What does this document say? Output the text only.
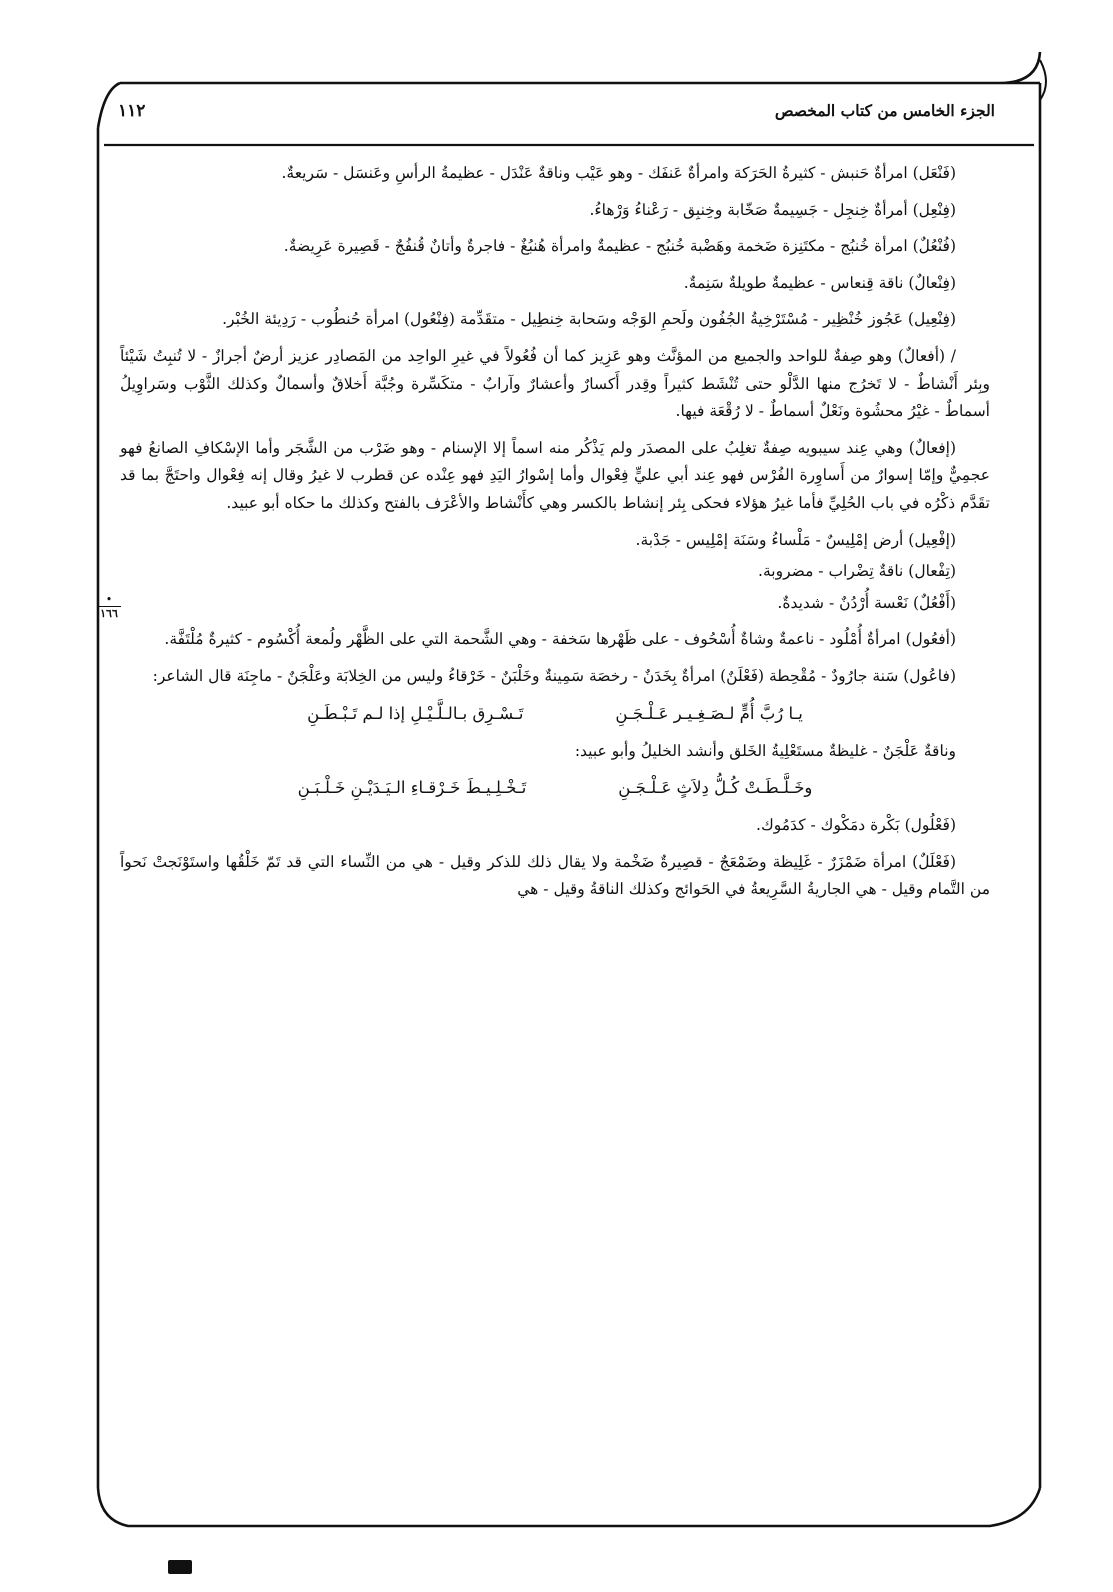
الجزء الخامس من كتاب المخصص
١١٢
•
١٦٦

(فَنْعَل) امرأةٌ حَنبش - كثيرةُ الحَرَكة وامرأةٌ عَنفَك - وهو عَيْب وناقةٌ عَنْدَل - عظيمةُ الرأسِ وعَنسَل - سَريعةٌ.

(فِنْعِل) أمرأةٌ خِنجِل - جَسِيمةٌ صَخّابة وخِنبِق - رَعْناءُ وَرْهاءُ.

(فُنْعُلٌ) امرأة خُنبُج - مكتَنِزة ضَخمة وهَضْبة خُنبُج - عظيمةٌ وامرأة هُنبُغٌ - فاجرةٌ وأتانٌ قُنفُجٌ - قَصِيرة عَرِيضةٌ.

(فِنْعالٌ) ناقة قِنعاس - عظيمةٌ طويلةٌ سَنِمةٌ.

(فِنْعِيل) عَجُوز خُنْظِير - مُسْتَرْخِيةُ الجُفُون ولَحمِ الوَجْه وسَحابة خِنطِيل - متقَدِّمة (فِنْعُول) امرأة حُنطُوب - رَدِيئة الخُبْر.

/ (أفعالٌ) وهو صِفةٌ للواحد والجميع من المؤنَّث وهو عَزِيز كما أن فُعُولاً في غيرِ الواحِد من المَصادِر عزيز أرضٌ أجرازٌ - لا تُنبِتُ شَيْئاً وبِئر أَنْشاطٌ - لا تَخرُج منها الدَّلْو حتى تُنْشَط كثيراً وقِدر أَكسارٌ وأعشارٌ وآرابٌ - متكَسِّرة وجُبَّة أَخلاقٌ وأسمالٌ وكذلك الثَّوْب وسَراوِيلُ أسماطٌ - غيْرُ محشُوة ونَعْلٌ أسماطٌ - لا رُقْعَة فيها.

(إفعالٌ) وهي عِند سيبويه صِفةٌ تغلِبُ على المصدَر ولم يَذْكُر منه اسماً إلا الإسنام - وهو ضَرْب من الشَّجَر وأما الإسْكافِ الصانعُ فهو عجمِيٌّ وإمّا إسوارٌ من أَساوِرة الفُرْس فهو عِند أبي عليٍّ فِعْوال وأما إسْوارُ اليَدِ فهو عِنْده عن قطرب لا غيرُ وقال إنه فِعْوال واحتَجَّ بما قد تقَدَّم ذكْرُه في باب الحُلِيِّ فأما غيرُ هؤلاء فحكى بِئر إنشاط بالكسر وهي كأَنْشاط والأعْرَف بالفتح وكذلك ما حكاه أبو عبيد.

(إفْعِيل) أرض إمْلِيسٌ - مَلْساءُ وسَنَة إمْلِيس - جَدْبة.

(تِفْعال) ناقةٌ تِضْراب - مضروبة.

(أَفْعُلٌ) نَعْسة أُرْدُنٌ - شديدةٌ.

(أفعُول) امرأةٌ أُمْلُود - ناعمةٌ وشاةٌ أُسْحُوف - على ظَهْرها سَخفة - وهي الشَّحمة التي على الظَّهْر ولُمعة أُكْسُوم - كثيرةٌ مُلْتَفَّة.

(فاعُول) سَنة جارُودٌ - مُقْحِطة (فَعْلَنٌ) امرأةٌ بِخَدَنٌ - رخصَة سَمِينةٌ وخَلْبَنٌ - خَرْقاءُ وليس من الخِلابَة وعَلْجَنٌ - ماجِنَة قال الشاعر:

يـا رُبَّ أُمٍّ لـصَـغِـيـر عَـلْـجَـنِ
تَـسْـرِق بـالـلَّـيْـلِ إذا لـم تَـبْـطَـنِ

وناقةٌ عَلْجَنٌ - غليظةٌ مستَعْلِيةُ الخَلق وأنشد الخليلُ وأبو عبيد:

وخَـلَّـطَـتْ كُـلُّ دِلاَثٍ عَـلْـجَـنِ
تَـخْـلِـيـطَ خَـرْقـاءِ الـيَـدَيْـنِ خَـلْـبَـنِ

(فَعْلُول) بَكْرة دمَكْوك - كدَمُوك.

(فَعْلَلٌ) امرأة ضَمْزَرٌ - غَلِيظة وضَمْعَجٌ - قصِيرةٌ ضَخْمة ولا يقال ذلك للذكر وقيل - هي من النِّساء التي قد تَمّ خَلْقُها واستَوْنَجتْ نَحواً من التَّمام وقيل - هي الجاريةُ السَّرِيعةُ في الحَوائج وكذلك الناقةُ وقيل - هي
